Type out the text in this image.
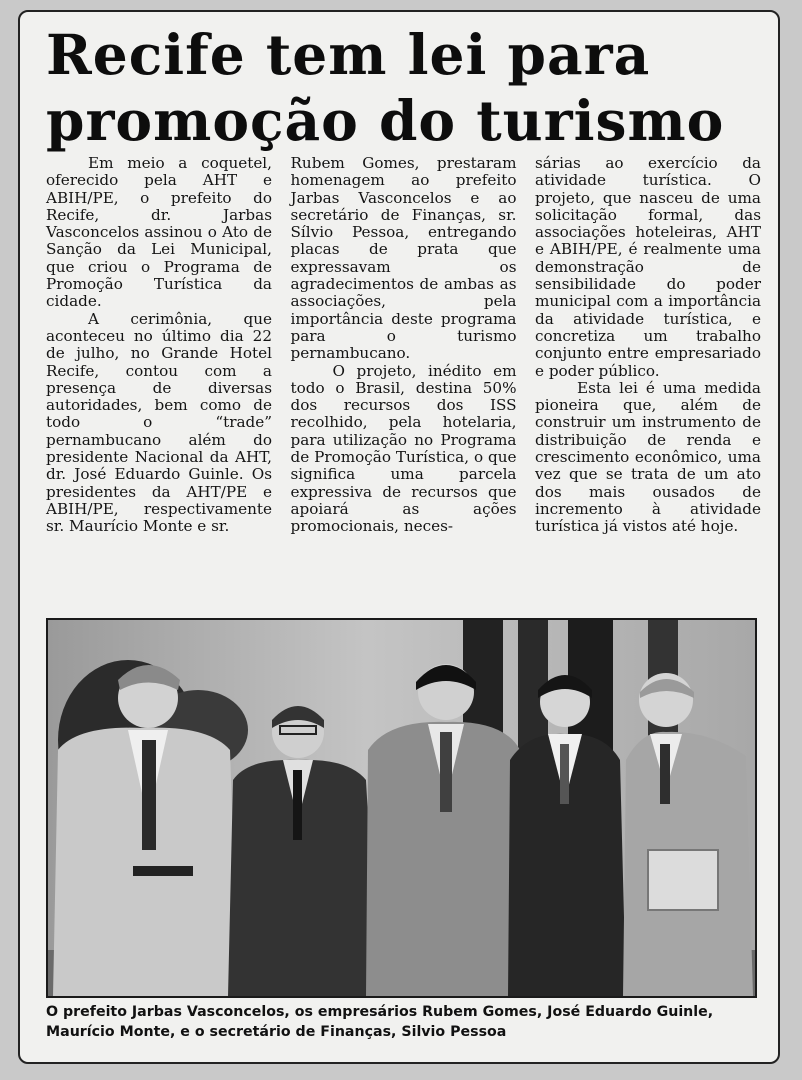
Recife tem lei para
promoção do turismo

Em meio a coquetel, oferecido pela AHT e ABIH/PE, o prefeito do Recife, dr. Jarbas Vasconcelos assinou o Ato de Sanção da Lei Municipal, que criou o Programa de Promoção Turística da cidade.

A cerimônia, que aconteceu no último dia 22 de julho, no Grande Hotel Recife, contou com a presença de diversas autoridades, bem como de todo o “trade” pernambucano além do presidente Nacional da AHT, dr. José Eduardo Guinle. Os presidentes da AHT/PE e ABIH/PE, respectivamente sr. Maurício Monte e sr.

Rubem Gomes, prestaram homenagem ao prefeito Jarbas Vasconcelos e ao secretário de Finanças, sr. Sílvio Pessoa, entregando placas de prata que expressavam os agradecimentos de ambas as associações, pela importância deste programa para o turismo pernambucano.

O projeto, inédito em todo o Brasil, destina 50% dos recursos dos ISS recolhido, pela hotelaria, para utilização no Programa de Promoção Turística, o que significa uma parcela expressiva de recursos que apoiará as ações promocionais, neces-

sárias ao exercício da atividade turística. O projeto, que nasceu de uma solicitação formal, das associações hoteleiras, AHT e ABIH/PE, é realmente uma demonstração de sensibilidade do poder municipal com a importância da atividade turística, e concretiza um trabalho conjunto entre empresariado e poder público.

Esta lei é uma medida pioneira que, além de construir um instrumento de distribuição de renda e crescimento econômico, uma vez que se trata de um ato dos mais ousados de incremento à atividade turística já vistos até hoje.

O prefeito Jarbas Vasconcelos, os empresários Rubem Gomes, José Eduardo Guinle, Maurício Monte, e o secretário de Finanças, Silvio Pessoa
